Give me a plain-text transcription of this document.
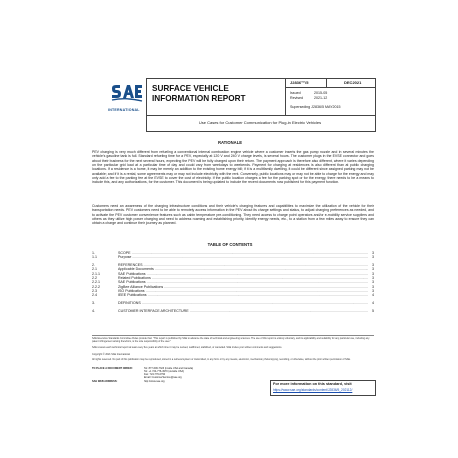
INTERNATIONAL
SURFACE VEHICLE
INFORMATION REPORT
J2836™/5	DEC2021
Issued	2015-05
Revised	2021-12
Superseding J2836/5 MAY2015
Use Cases for Customer Communication for Plug-in Electric Vehicles
RATIONALE
PEV charging is very much different from refueling a conventional internal combustion engine vehicle where a customer inserts the gas pump nozzle and in several minutes the vehicle's gasoline tank is full. Standard refueling time for a PEV, especially at 120 V and 240 V charge levels, is several hours. The customer plugs in the EVSE connector and goes about their business for the next several hours, expecting the PEV will be fully charged upon their return. The payment approach is therefore also different, where it varies depending on the particular grid load at a particular time of day and could vary from weekdays to weekends. Payment for charging at residences is also different than at public charging locations. If a residence is a home, it may be merely an addition to the existing home energy bill; if it is a multifamily dwelling, it could be different since assigned parking may not be available; and if it is a rental, some agreements may or may not include electricity with the rent. Conversely, public locations may or may not be able to charge for the energy and may only add a fee to the parking fee at the EVSE to cover the cost of electricity. If the public location charges a fee for the parking spot or for the energy, there needs to be a means to include this, and any authorizations, for the customer. This document is being updated to include the recent documents now published for this payment function.
Customers need an awareness of the charging infrastructure conditions and their vehicle's charging features and capabilities to maximize the utilization of the vehicle for their transportation needs. PEV customers need to be able to remotely access information in the PEV about its charge settings and status, to adjust charging preferences as needed, and to activate the PEV customer convenience features such as cabin temperature pre-conditioning. They need access to charge point operators and/or e-mobility service suppliers and others as they utilize high power charging and need to address roaming and establishing priority, identify energy needs, etc., to a station from a few miles away to ensure they can obtain a charge and continue their journey as planned.
TABLE OF CONTENTS
1.	SCOPE .....	3
1.1	Purpose .....	3
2.	REFERENCES .....	3
2.1	Applicable Documents .....	3
2.1.1	SAE Publications .....	3
2.2	Related Publications .....	3
2.2.1	SAE Publications .....	3
2.2.2	ZigBee Alliance Publications .....	3
2.3	ISO Publications .....	3
2.4	IEEE Publications .....	4
3.	DEFINITIONS .....	4
4.	CUSTOMER INTERFACE ARCHITECTURE .....	5
SAE Executive Standards Committee Rules provide that: "This report is published by SAE to advance the state of technical and engineering sciences. The use of this report is entirely voluntary, and its applicability and suitability for any particular use, including any patent infringement arising therefrom, is the sole responsibility of the user."
SAE reviews each technical report at least every five years at which time it may be revised, reaffirmed, stabilized, or cancelled. SAE invites your written comments and suggestions.
Copyright © 2021 SAE International
All rights reserved. No part of this publication may be reproduced, stored in a retrieval system or transmitted, in any form or by any means, electronic, mechanical, photocopying, recording, or otherwise, without the prior written permission of SAE.
TO PLACE A DOCUMENT ORDER:	Tel: 877-606-7323 (inside USA and Canada)
Tel: +1 724-776-4970 (outside USA)
Fax: 724-776-0790
Email: CustomerService@sae.org
SAE WEB ADDRESS:	http://www.sae.org
For more information on this standard, visit
https://www.sae.org/standards/content/J2836/5_202112/
